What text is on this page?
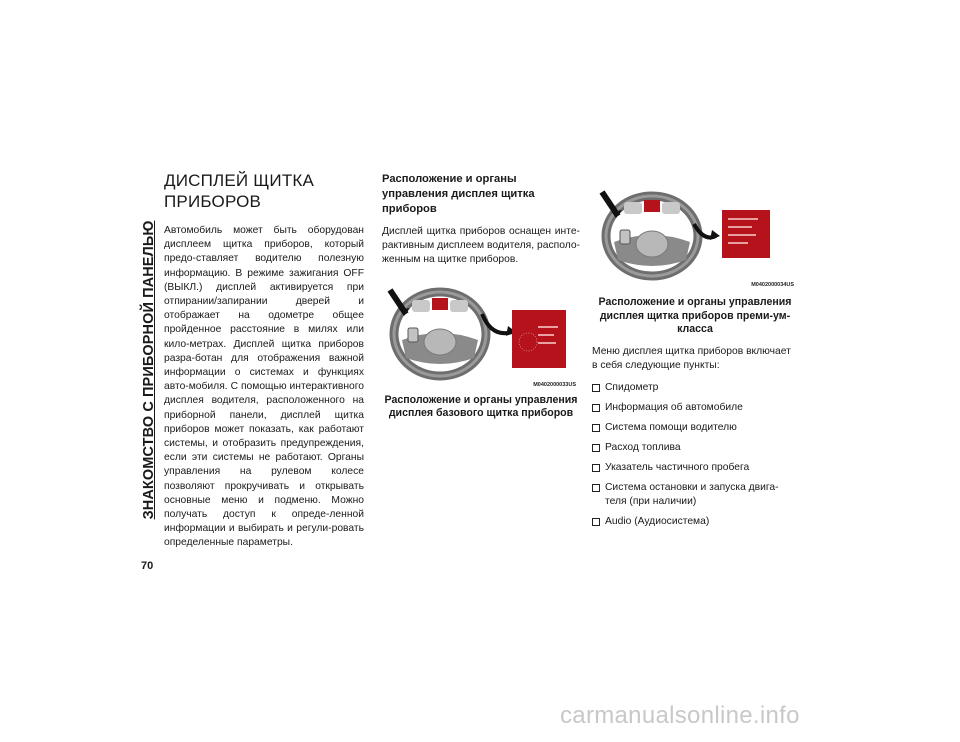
ЗНАКОМСТВО С ПРИБОРНОЙ ПАНЕЛЬЮ
70
ДИСПЛЕЙ ЩИТКА
ПРИБОРОВ

Автомобиль может быть оборудован дисплеем щитка приборов, который предо-ставляет водителю полезную информацию. В режиме зажигания OFF (ВЫКЛ.) дисплей активируется при отпирании/запирании дверей и отображает на одометре общее пройденное расстояние в милях или кило-метрах. Дисплей щитка приборов разра-ботан для отображения важной информации о системах и функциях авто-мобиля. С помощью интерактивного дисплея водителя, расположенного на приборной панели, дисплей щитка приборов может показать, как работают системы, и отобразить предупреждения, если эти системы не работают. Органы управления на рулевом колесе позволяют прокручивать и открывать основные меню и подменю. Можно получать доступ к опреде-ленной информации и выбирать и регули-ровать определенные параметры.

Расположение и органы управления дисплея щитка приборов

Дисплей щитка приборов оснащен инте-рактивным дисплеем водителя, располо-женным на щитке приборов.

M0402000033US
Расположение и органы управления дисплея базового щитка приборов
M0402000034US
Расположение и органы управления дисплея щитка приборов преми-ум-класса

Меню дисплея щитка приборов включает в себя следующие пункты:

Спидометр
Информация об автомобиле
Система помощи водителю
Расход топлива
Указатель частичного пробега
Система остановки и запуска двига-теля (при наличии)
Audio (Аудиосистема)
carmanualsonline.info
